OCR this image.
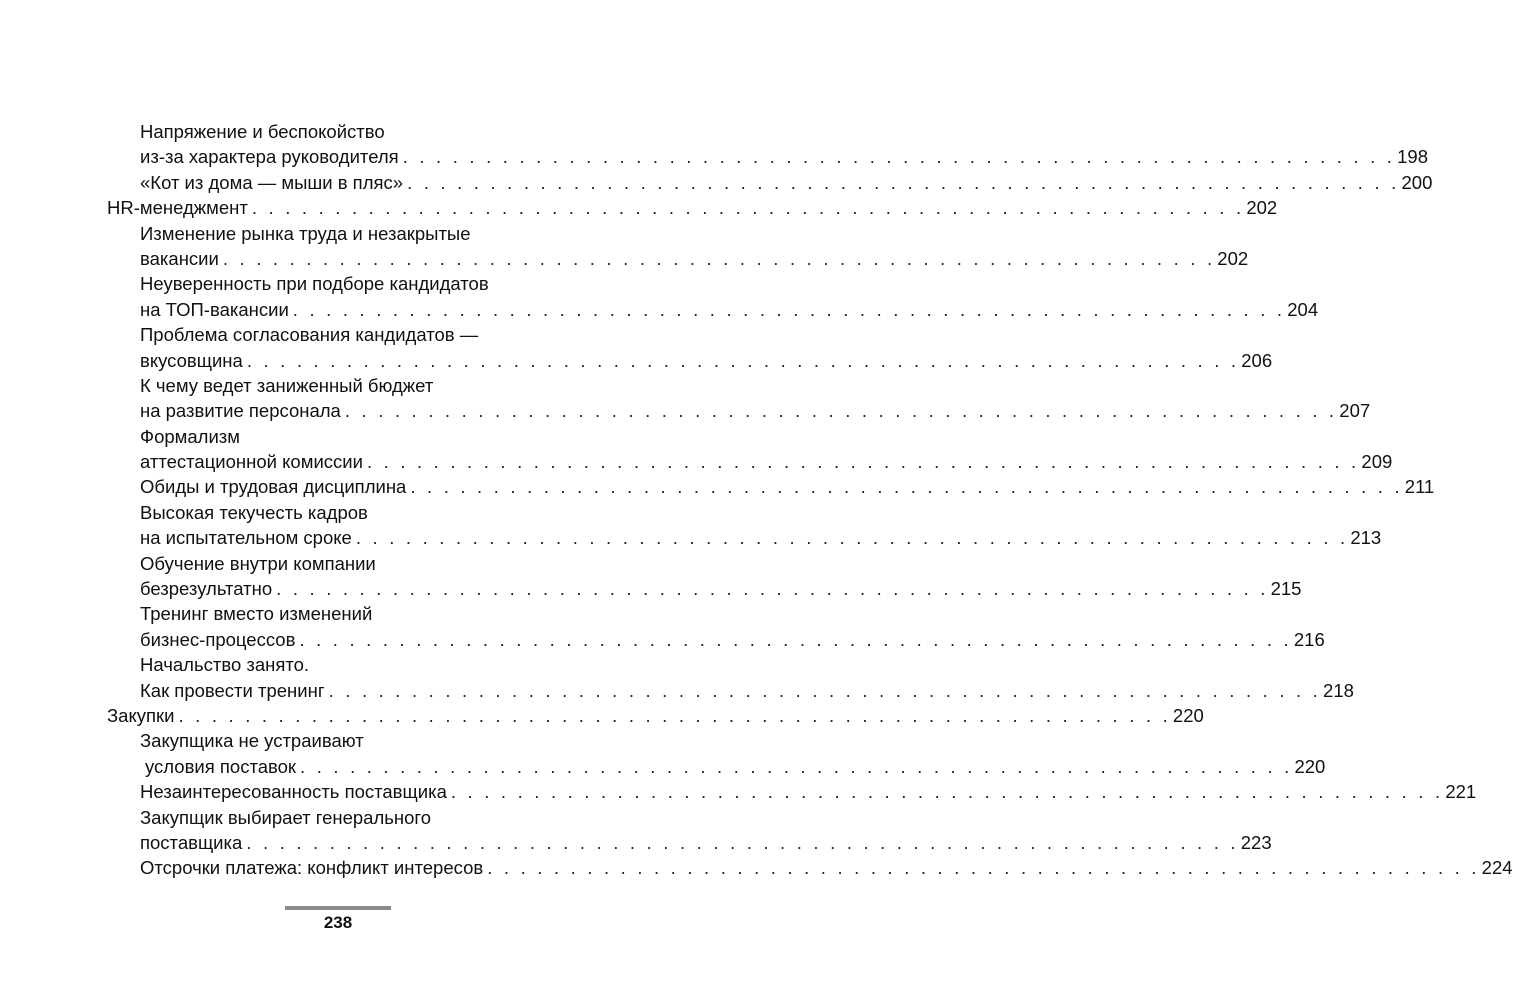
Напряжение и беспокойство
из-за характера руководителя . . . . . . . . . . . . . . . . . . . . . . . . . . . . . . . . . . . . . . . . . . . . . . . . . . . . . . . . . . . . 198
«Кот из дома — мыши в пляс» . . . . . . . . . . . . . . . . . . . . . . . . . . . . . . . . . . . . . . . . . . . . . . . . . . . . . . . . . . . . 200
HR-менеджмент . . . . . . . . . . . . . . . . . . . . . . . . . . . . . . . . . . . . . . . . . . . . . . . . . . . . . . . . . . . . 202
Изменение рынка труда и незакрытые
вакансии . . . . . . . . . . . . . . . . . . . . . . . . . . . . . . . . . . . . . . . . . . . . . . . . . . . . . . . . . . . . 202
Неуверенность при подборе кандидатов
на ТОП-вакансии . . . . . . . . . . . . . . . . . . . . . . . . . . . . . . . . . . . . . . . . . . . . . . . . . . . . . . . . . . . . 204
Проблема согласования кандидатов —
вкусовщина . . . . . . . . . . . . . . . . . . . . . . . . . . . . . . . . . . . . . . . . . . . . . . . . . . . . . . . . . . . . 206
К чему ведет заниженный бюджет
на развитие персонала . . . . . . . . . . . . . . . . . . . . . . . . . . . . . . . . . . . . . . . . . . . . . . . . . . . . . . . . . . . . 207
Формализм
аттестационной комиссии . . . . . . . . . . . . . . . . . . . . . . . . . . . . . . . . . . . . . . . . . . . . . . . . . . . . . . . . . . . . 209
Обиды и трудовая дисциплина . . . . . . . . . . . . . . . . . . . . . . . . . . . . . . . . . . . . . . . . . . . . . . . . . . . . . . . . . . . . 211
Высокая текучесть кадров
на испытательном сроке . . . . . . . . . . . . . . . . . . . . . . . . . . . . . . . . . . . . . . . . . . . . . . . . . . . . . . . . . . . . 213
Обучение внутри компании
безрезультатно . . . . . . . . . . . . . . . . . . . . . . . . . . . . . . . . . . . . . . . . . . . . . . . . . . . . . . . . . . . . 215
Тренинг вместо изменений
бизнес-процессов . . . . . . . . . . . . . . . . . . . . . . . . . . . . . . . . . . . . . . . . . . . . . . . . . . . . . . . . . . . . 216
Начальство занято.
Как провести тренинг . . . . . . . . . . . . . . . . . . . . . . . . . . . . . . . . . . . . . . . . . . . . . . . . . . . . . . . . . . . . 218
Закупки . . . . . . . . . . . . . . . . . . . . . . . . . . . . . . . . . . . . . . . . . . . . . . . . . . . . . . . . . . . . 220
Закупщика не устраивают
условия поставок . . . . . . . . . . . . . . . . . . . . . . . . . . . . . . . . . . . . . . . . . . . . . . . . . . . . . . . . . . . . 220
Незаинтересованность поставщика . . . . . . . . . . . . . . . . . . . . . . . . . . . . . . . . . . . . . . . . . . . . . . . . . . . . . . . . . . . . 221
Закупщик выбирает генерального
поставщика . . . . . . . . . . . . . . . . . . . . . . . . . . . . . . . . . . . . . . . . . . . . . . . . . . . . . . . . . . . . 223
Отсрочки платежа: конфликт интересов . . . . . . . . . . . . . . . . . . . . . . . . . . . . . . . . . . . . . . . . . . . . . . . . . . . . . . . . . . . . 224
238
